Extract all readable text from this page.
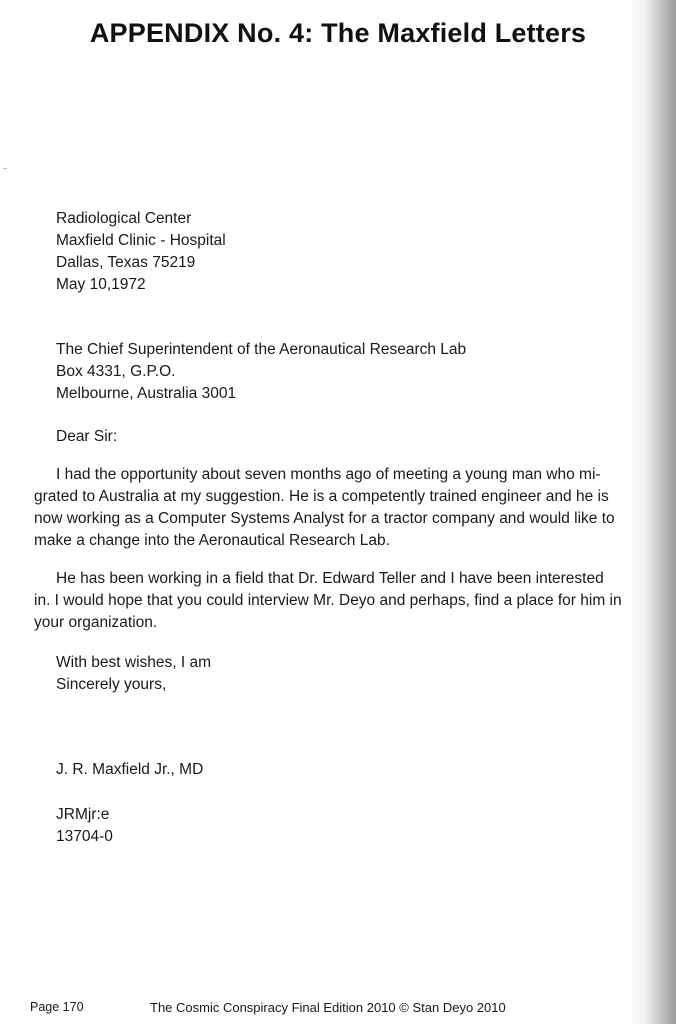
APPENDIX No. 4: The Maxfield Letters
Radiological Center
Maxfield Clinic - Hospital
Dallas, Texas 75219
May 10,1972
The Chief Superintendent of the Aeronautical Research Lab
Box 4331, G.P.O.
Melbourne, Australia 3001
Dear Sir:
I had the opportunity about seven months ago of meeting a young man who mi-
grated to Australia at my suggestion. He is a competently trained engineer and he is
now working as a Computer Systems Analyst for a tractor company and would like to
make a change into the Aeronautical Research Lab.
He has been working in a field that Dr. Edward Teller and I have been interested
in. I would hope that you could interview Mr. Deyo and perhaps, find a place for him in
your organization.
With best wishes, I am
Sincerely yours,
J. R. Maxfield Jr., MD
JRMjr:e
13704-0
Page 170	The Cosmic Conspiracy Final Edition 2010 © Stan Deyo 2010
